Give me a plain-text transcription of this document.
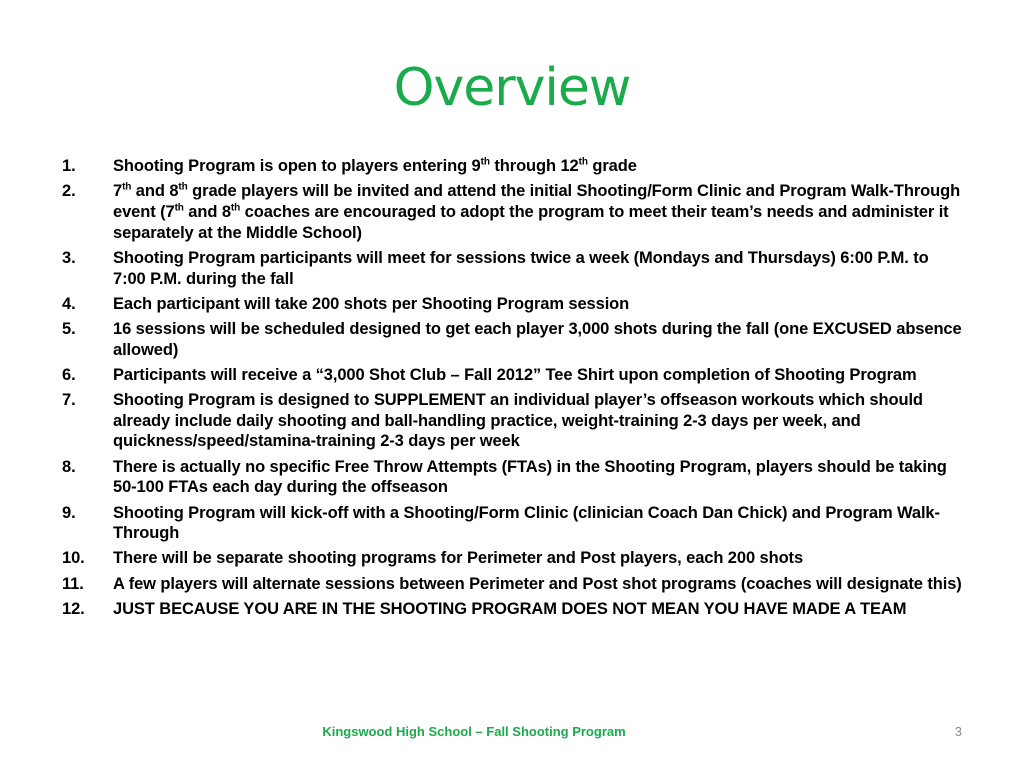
Overview
1. Shooting Program is open to players entering 9th through 12th grade
2. 7th and 8th grade players will be invited and attend the initial Shooting/Form Clinic and Program Walk-Through event (7th and 8th coaches are encouraged to adopt the program to meet their team’s needs and administer it separately at the Middle School)
3. Shooting Program participants will meet for sessions twice a week (Mondays and Thursdays) 6:00 P.M. to 7:00 P.M. during the fall
4. Each participant will take 200 shots per Shooting Program session
5. 16 sessions will be scheduled designed to get each player 3,000 shots during the fall (one EXCUSED absence allowed)
6. Participants will receive a “3,000 Shot Club – Fall 2012” Tee Shirt upon completion of Shooting Program
7. Shooting Program is designed to SUPPLEMENT an individual player’s offseason workouts which should already include daily shooting and ball-handling practice, weight-training 2-3 days per week, and quickness/speed/stamina-training 2-3 days per week
8. There is actually no specific Free Throw Attempts (FTAs) in the Shooting Program, players should be taking 50-100 FTAs each day during the offseason
9. Shooting Program will kick-off with a Shooting/Form Clinic (clinician Coach Dan Chick) and Program Walk-Through
10. There will be separate shooting programs for Perimeter and Post players, each 200 shots
11. A few players will alternate sessions between Perimeter and Post shot programs (coaches will designate this)
12. JUST BECAUSE YOU ARE IN THE SHOOTING PROGRAM DOES NOT MEAN YOU HAVE MADE A TEAM
Kingswood High School – Fall Shooting Program	3
